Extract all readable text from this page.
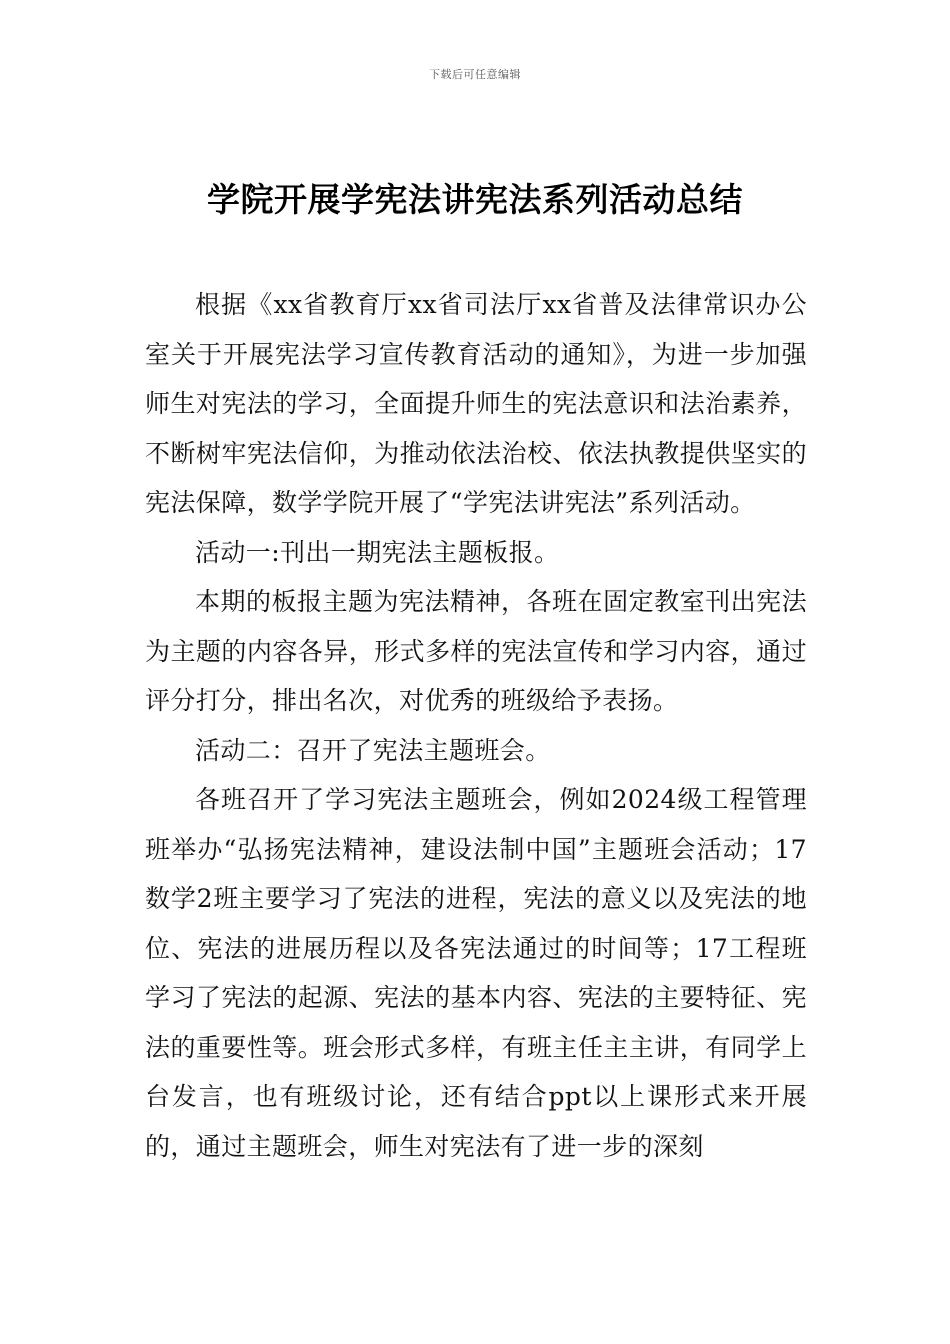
下载后可任意编辑
学院开展学宪法讲宪法系列活动总结

根据《xx省教育厅xx省司法厅xx省普及法律常识办公室关于开展宪法学习宣传教育活动的通知》，为进一步加强师生对宪法的学习，全面提升师生的宪法意识和法治素养，不断树牢宪法信仰，为推动依法治校、依法执教提供坚实的宪法保障，数学学院开展了“学宪法讲宪法”系列活动。

活动一:刊出一期宪法主题板报。

本期的板报主题为宪法精神，各班在固定教室刊出宪法为主题的内容各异，形式多样的宪法宣传和学习内容，通过评分打分，排出名次，对优秀的班级给予表扬。

活动二：召开了宪法主题班会。

各班召开了学习宪法主题班会，例如2024级工程管理班举办“弘扬宪法精神，建设法制中国”主题班会活动；17数学2班主要学习了宪法的进程，宪法的意义以及宪法的地位、宪法的进展历程以及各宪法通过的时间等；17工程班学习了宪法的起源、宪法的基本内容、宪法的主要特征、宪法的重要性等。班会形式多样，有班主任主主讲，有同学上台发言，也有班级讨论，还有结合ppt以上课形式来开展的，通过主题班会，师生对宪法有了进一步的深刻
